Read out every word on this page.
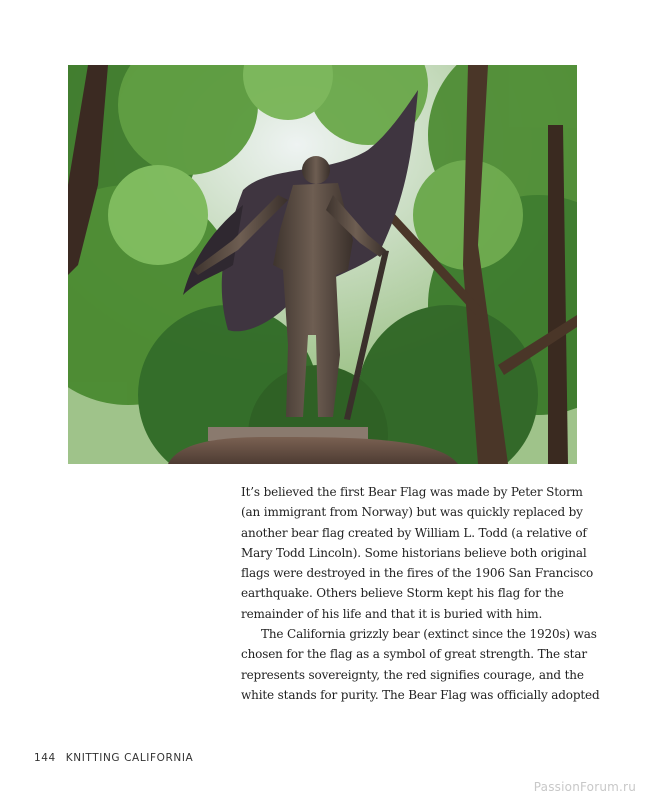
It’s believed the first Bear Flag was made by Peter Storm
(an immigrant from Norway) but was quickly replaced by
another bear flag created by William L. Todd (a relative of
Mary Todd Lincoln). Some historians believe both original
flags were destroyed in the fires of the 1906 San Francisco
earthquake. Others believe Storm kept his flag for the
remainder of his life and that it is buried with him.

The California grizzly bear (extinct since the 1920s) was
chosen for the flag as a symbol of great strength. The star
represents sovereignty, the red signifies courage, and the
white stands for purity. The Bear Flag was officially adopted

144 KNITTING CALIFORNIA
PassionForum.ru
